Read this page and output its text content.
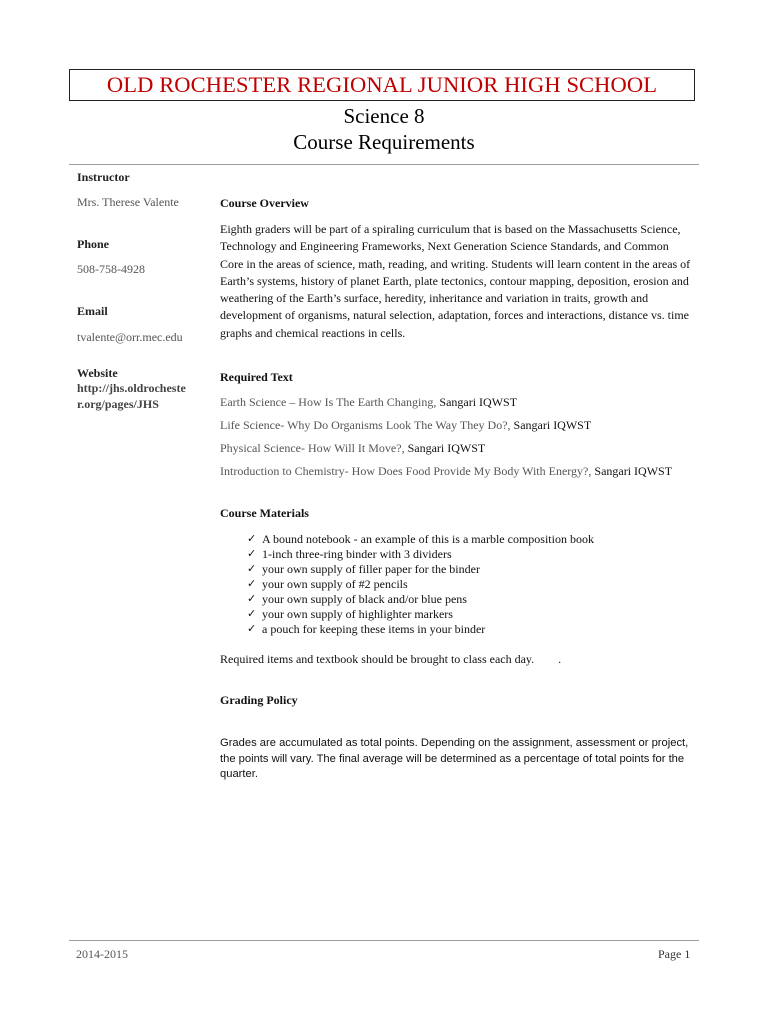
OLD ROCHESTER REGIONAL JUNIOR HIGH SCHOOL
Science 8
Course Requirements
Instructor
Mrs. Therese Valente
Phone
508-758-4928
Email
tvalente@orr.mec.edu
Website
http://jhs.oldrocheste
r.org/pages/JHS
Course Overview
Eighth graders will be part of a spiraling curriculum that is based on the Massachusetts Science, Technology and Engineering Frameworks, Next Generation Science Standards, and Common Core in the areas of science, math, reading, and writing. Students will learn content in the areas of Earth’s systems, history of planet Earth, plate tectonics, contour mapping, deposition, erosion and weathering of the Earth’s surface, heredity, inheritance and variation in traits, growth and development of organisms, natural selection, adaptation, forces and interactions, distance vs. time graphs and chemical reactions in cells.
Required Text
Earth Science – How Is The Earth Changing, Sangari IQWST
Life Science- Why Do Organisms Look The Way They Do?, Sangari IQWST
Physical Science- How Will It Move?, Sangari IQWST
Introduction to Chemistry- How Does Food Provide My Body With Energy?, Sangari IQWST
Course Materials
✓ A bound notebook - an example of this is a marble composition book
✓ 1-inch three-ring binder with 3 dividers
✓ your own supply of filler paper for the binder
✓ your own supply of #2 pencils
✓ your own supply of black and/or blue pens
✓ your own supply of highlighter markers
✓ a pouch for keeping these items in your binder
Required items and textbook should be brought to class each day.        .
Grading Policy
Grades are accumulated as total points. Depending on the assignment, assessment or project, the points will vary. The final average will be determined as a percentage of total points for the quarter.
2014-2015	Page 1
